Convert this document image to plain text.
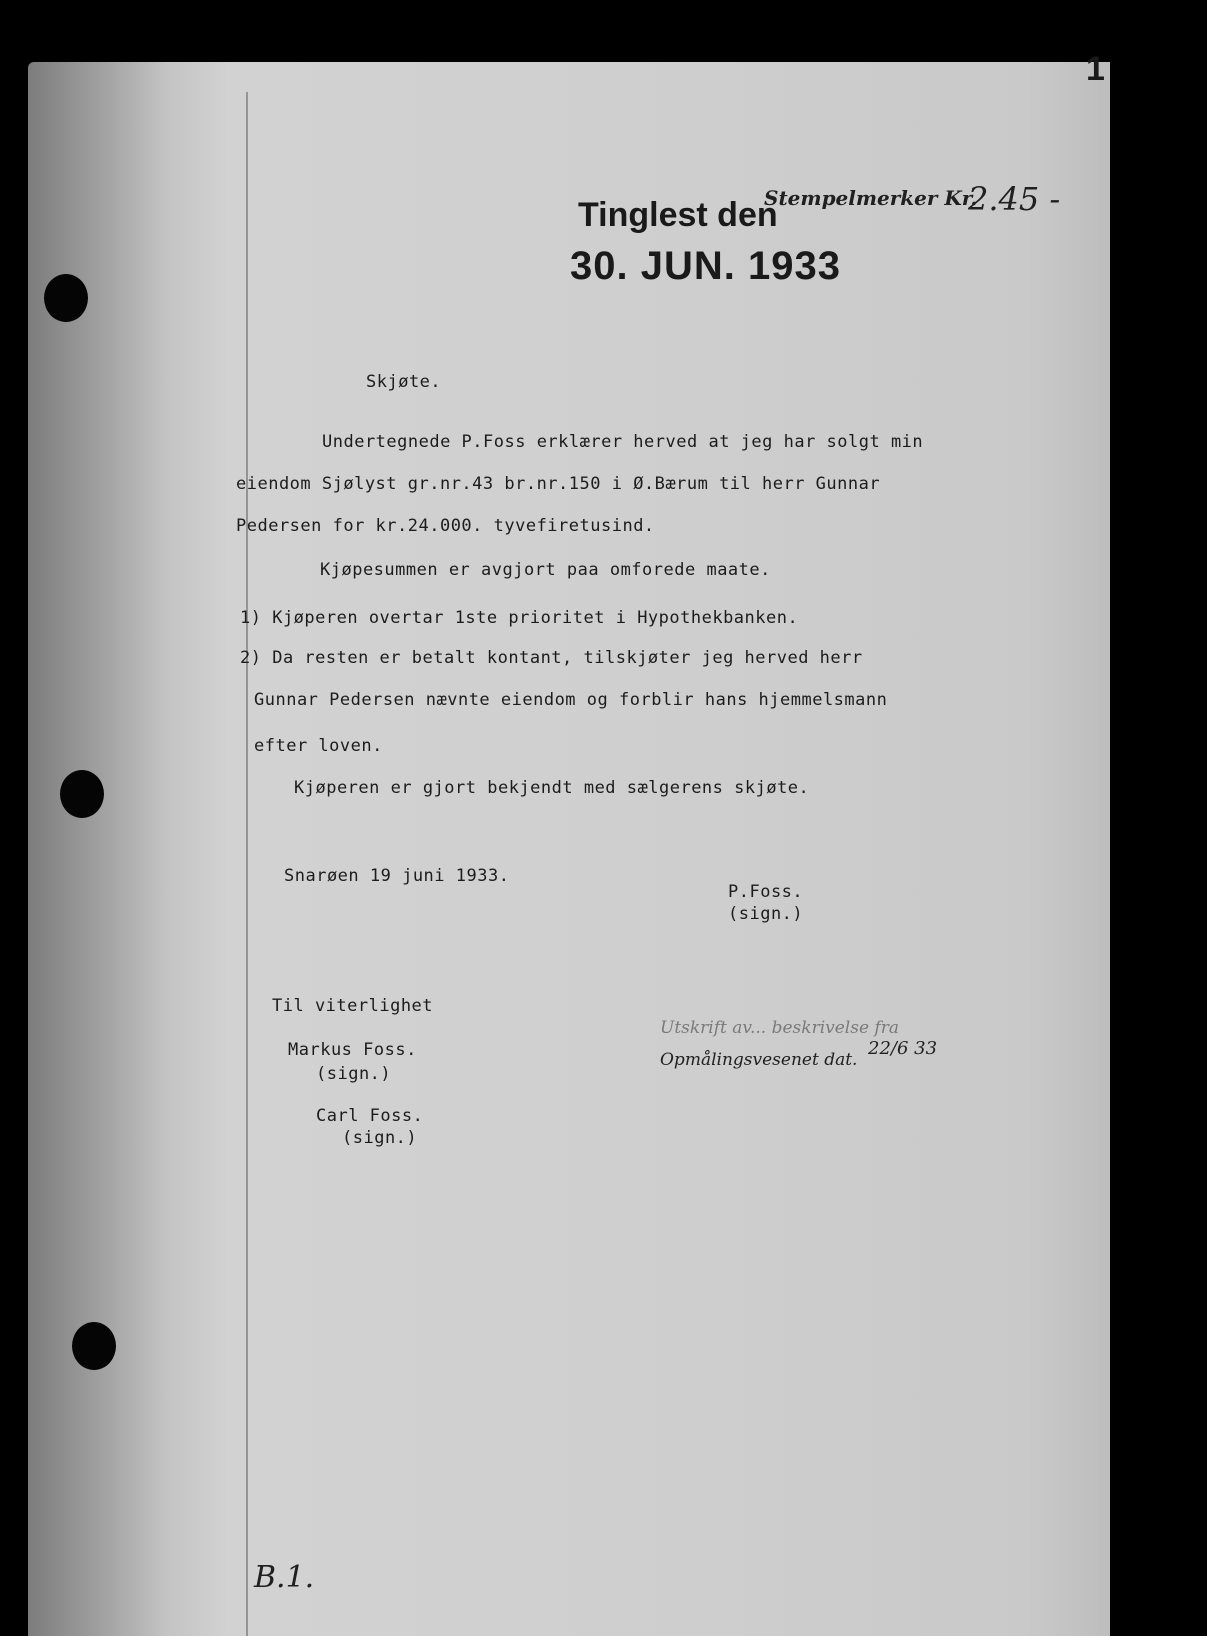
1
Tinglest den
30. JUN. 1933
Stempelmerker Kr.
2.45 -
Skjøte.
Undertegnede P.Foss erklærer herved at jeg har solgt min
eiendom Sjølyst gr.nr.43 br.nr.150 i Ø.Bærum til herr Gunnar
Pedersen for kr.24.000. tyvefiretusind.
Kjøpesummen er avgjort paa omforede maate.
1) Kjøperen overtar 1ste prioritet i Hypothekbanken.
2) Da resten er betalt kontant, tilskjøter jeg herved herr
Gunnar Pedersen nævnte eiendom og forblir hans hjemmelsmann
efter loven.
Kjøperen er gjort bekjendt med sælgerens skjøte.
Snarøen 19 juni 1933.
P.Foss.
(sign.)
Til viterlighet
Markus Foss.
(sign.)
Carl Foss.
(sign.)
Utskrift av... beskrivelse fra
Opmålingsvesenet dat.
22/6 33
B.1.
